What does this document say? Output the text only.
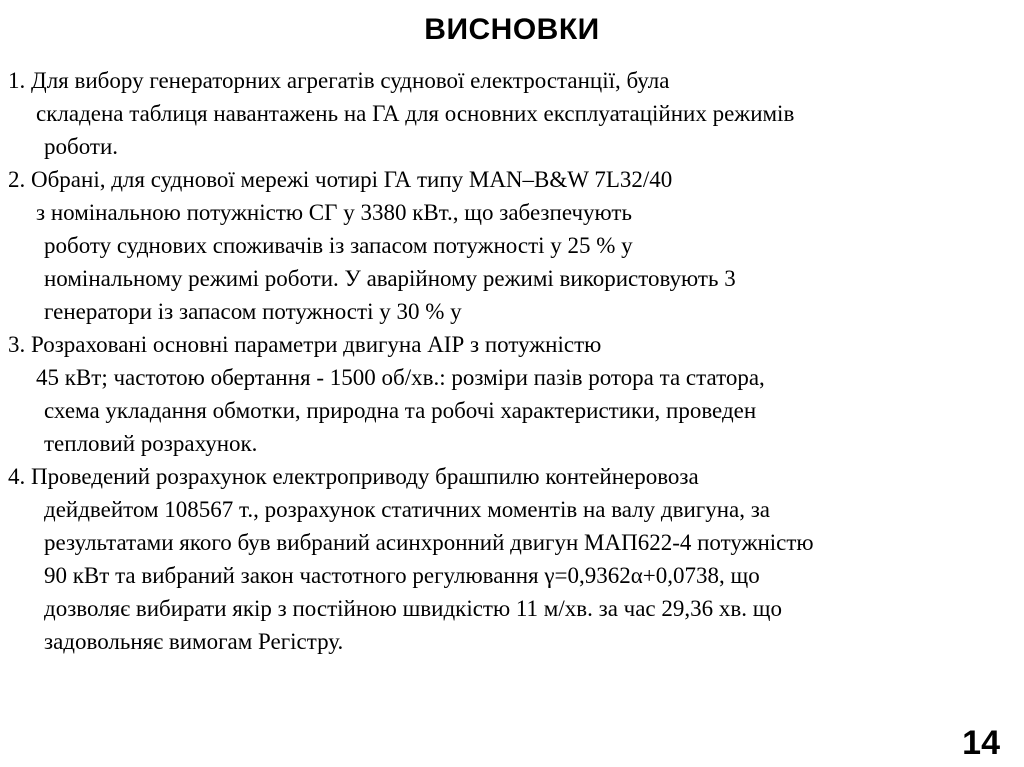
ВИСНОВКИ
1. Для вибору генераторних агрегатів суднової електростанції, була
складена таблиця навантажень на ГА для основних експлуатаційних режимів
роботи.
2. Обрані, для суднової мережі чотирі ГА типу MAN–B&W 7L32/40
з номінальною потужністю СГ у 3380 кВт., що забезпечують
роботу суднових споживачів із запасом потужності у 25 % у
номінальному режимі роботи. У аварійному режимі використовують 3
генератори із запасом потужності у 30 % у
3. Розраховані основні параметри двигуна АІР з потужністю
45 кВт; частотою обертання - 1500 об/хв.: розміри пазів ротора та статора,
схема укладання обмотки, природна та робочі характеристики, проведен
тепловий розрахунок.
4. Проведений розрахунок електроприводу брашпилю контейнеровоза
дейдвейтом 108567 т., розрахунок статичних моментів на валу двигуна, за
результатами якого був вибраний асинхронний двигун МАП622-4 потужністю
90 кВт та вибраний закон частотного регулювання γ=0,9362α+0,0738, що
дозволяє вибирати якір з постійною швидкістю 11 м/хв. за час 29,36 хв. що
задовольняє вимогам Регістру.
14
